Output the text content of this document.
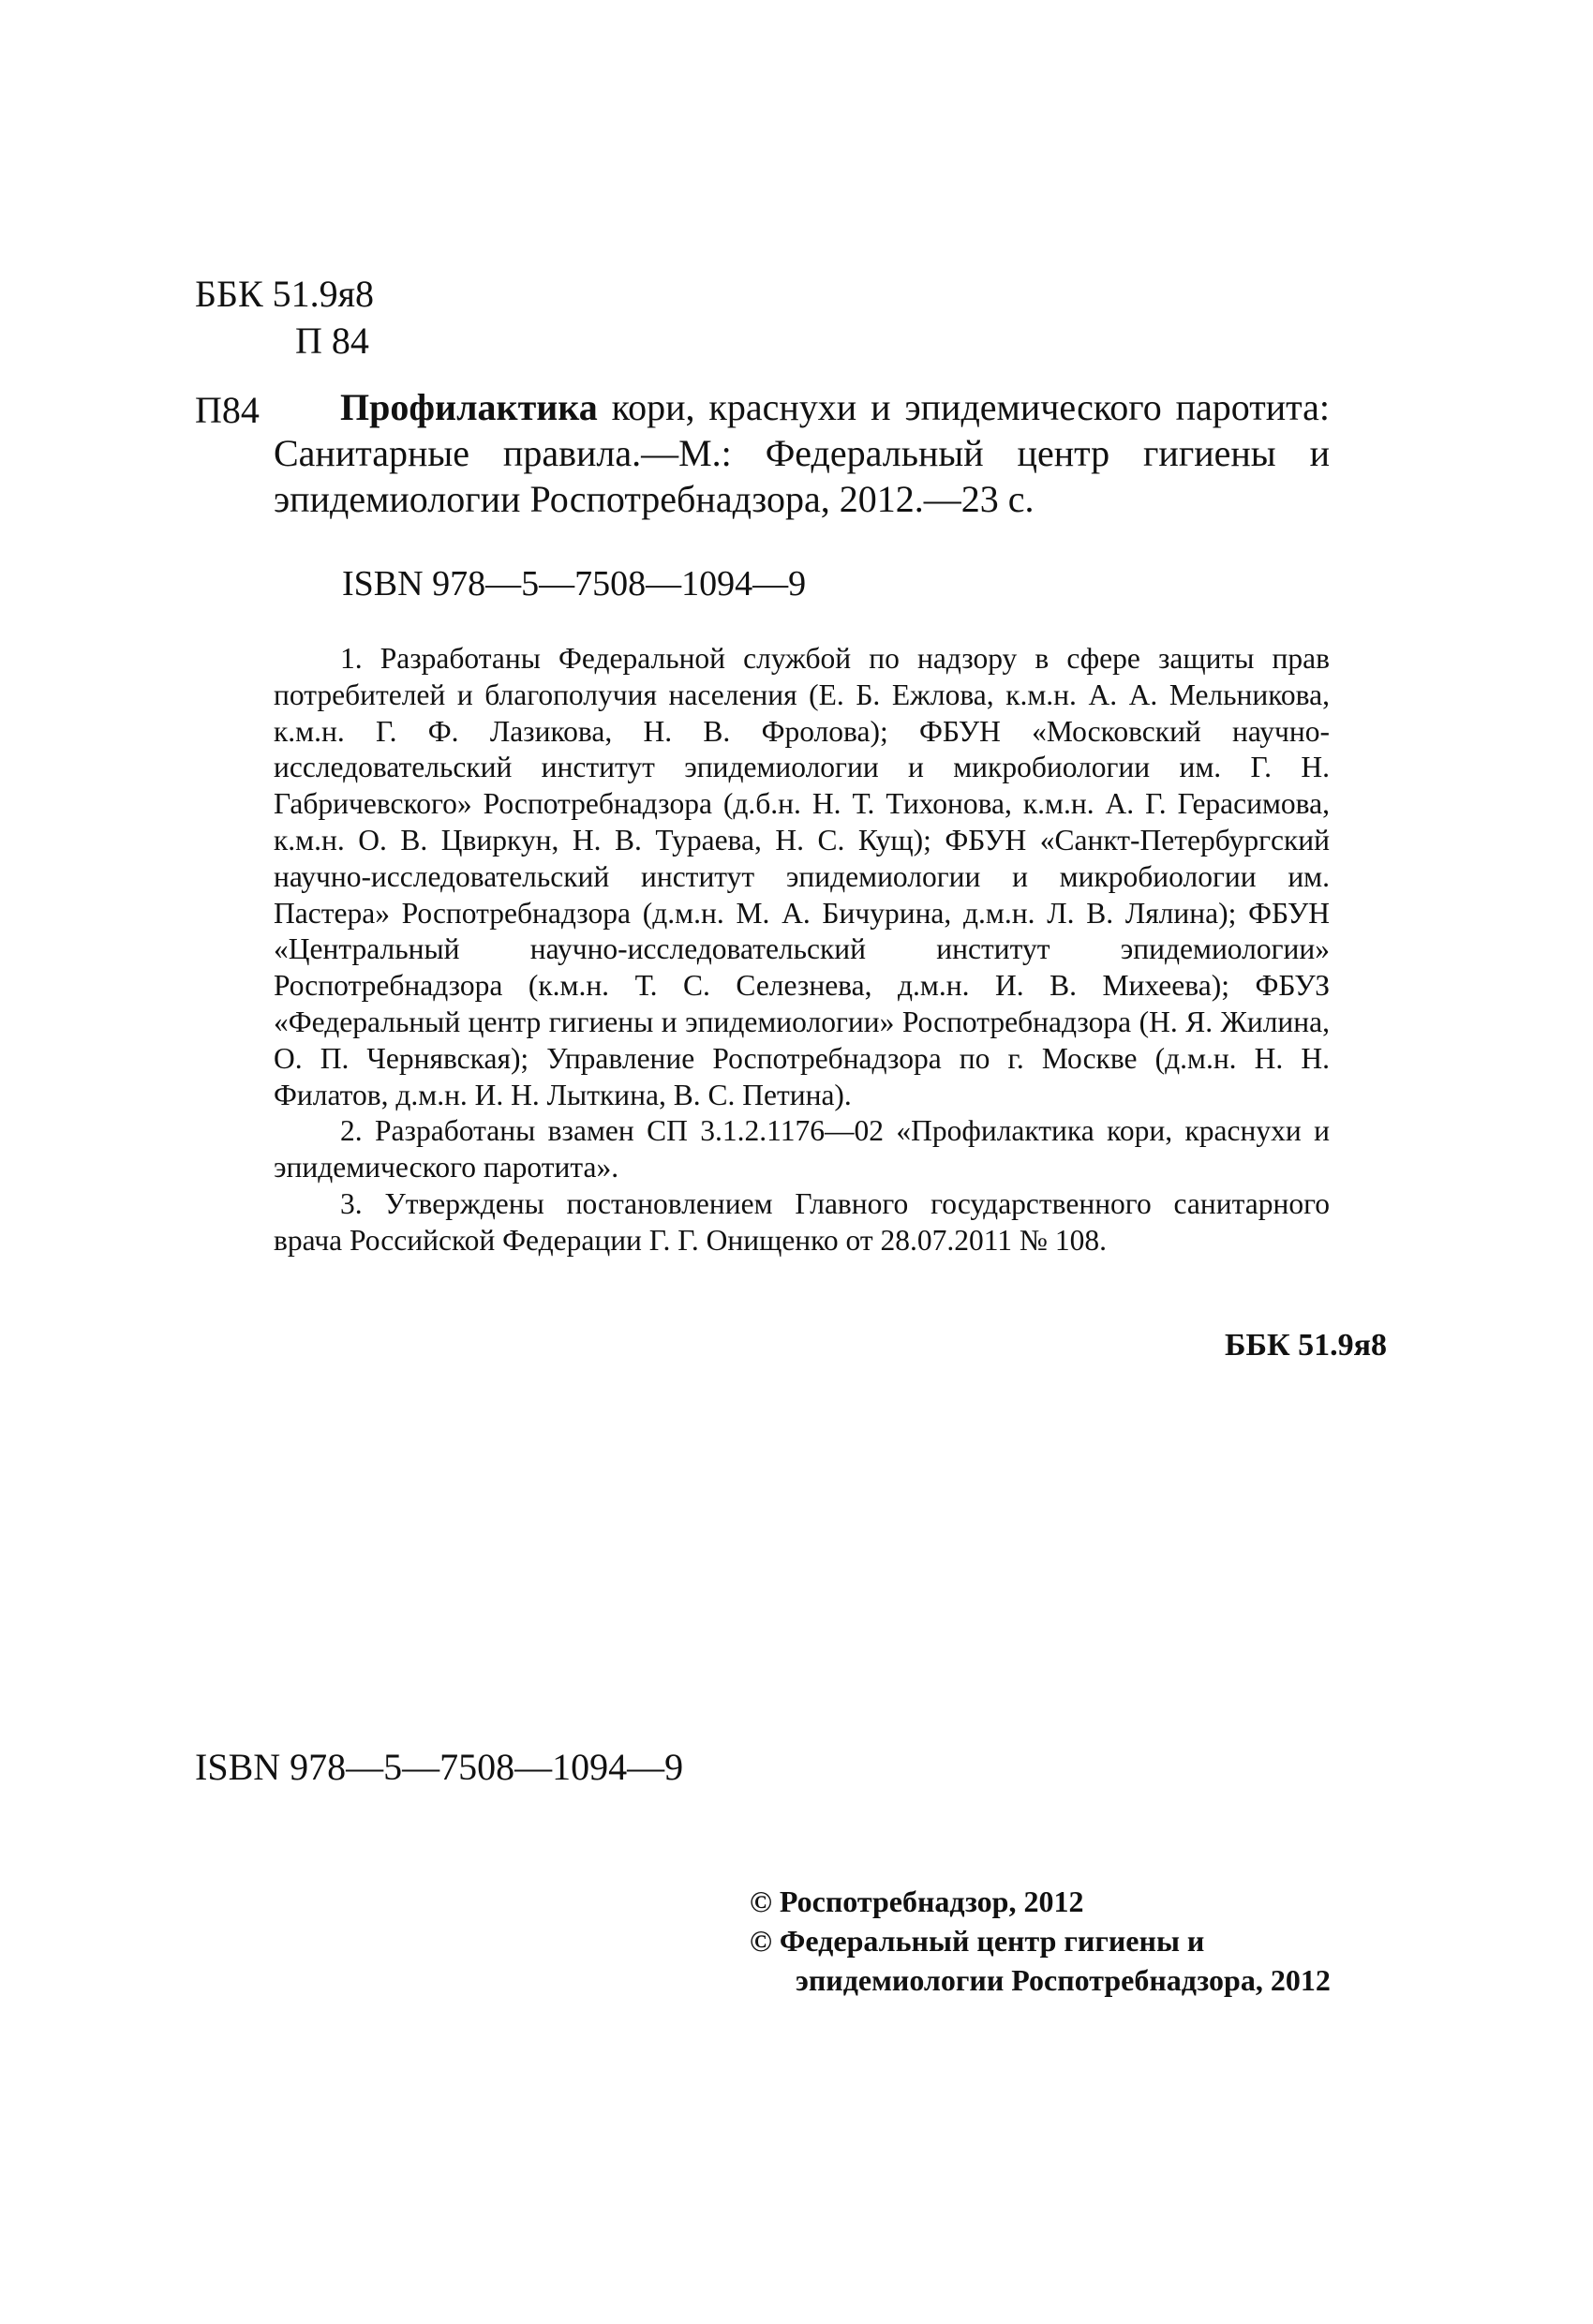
ББК 51.9я8
П 84
П84	Профилактика кори, краснухи и эпидемического паротита: Санитарные правила.—М.: Федеральный центр гигиены и эпидемиологии Роспотребнадзора, 2012.—23 с.

ISBN 978—5—7508—1094—9

1. Разработаны Федеральной службой по надзору в сфере защиты прав потребителей и благополучия населения (Е. Б. Ежлова, к.м.н. А. А. Мельникова, к.м.н. Г. Ф. Лазикова, Н. В. Фролова); ФБУН «Московский научно-исследовательский институт эпидемиологии и микробиологии им. Г. Н. Габричевского» Роспотребнадзора (д.б.н. Н. Т. Тихонова, к.м.н. А. Г. Герасимова, к.м.н. О. В. Цвиркун, Н. В. Тураева, Н. С. Кущ); ФБУН «Санкт-Петербургский научно-исследовательский институт эпидемиологии и микробиологии им. Пастера» Роспотребнадзора (д.м.н. М. А. Бичурина, д.м.н. Л. В. Лялина); ФБУН «Центральный научно-исследовательский институт эпидемиологии» Роспотребнадзора (к.м.н. Т. С. Селезнева, д.м.н. И. В. Михеева); ФБУЗ «Федеральный центр гигиены и эпидемиологии» Роспотребнадзора (Н. Я. Жилина, О. П. Чернявская); Управление Роспотребнадзора по г. Москве (д.м.н. Н. Н. Филатов, д.м.н. И. Н. Лыткина, В. С. Петина).

2. Разработаны взамен СП 3.1.2.1176—02 «Профилактика кори, краснухи и эпидемического паротита».

3. Утверждены постановлением Главного государственного санитарного врача Российской Федерации Г. Г. Онищенко от 28.07.2011 № 108.

ББК 51.9я8
ISBN 978—5—7508—1094—9
© Роспотребнадзор, 2012
© Федеральный центр гигиены и
эпидемиологии Роспотребнадзора, 2012
